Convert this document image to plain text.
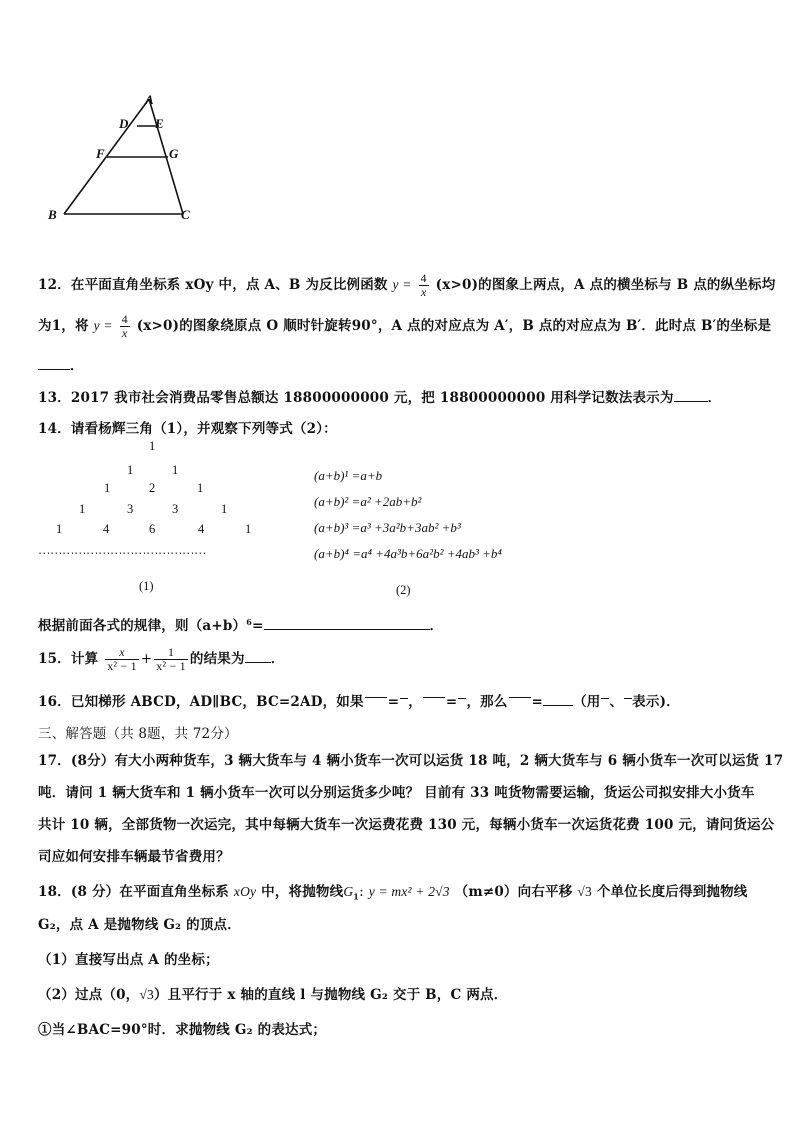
A
D E
F	G
B	C
12．在平面直角坐标系 xOy 中，点 A、B 为反比例函数 $y = \frac{4}{x} (x>0)$的图象上两点，A 点的横坐标与 B 点的纵坐标均
为1，将 $y = \frac{4}{x} (x>0)$的图象绕原点 O 顺时针旋转90°，A 点的对应点为 A′，B 点的对应点为 B′．此时点 B′的坐标是
．
13．2017 我市社会消费品零售总额达 18800000000 元，把 18800000000 用科学记数法表示为	．
14．请看杨辉三角（1），并观察下列等式（2）：
1
1	1
1	2	1
1	3	3	1
1	4	6	4	1
……………………………………
(1)
(a+b)¹ =a+b
(a+b)² =a² +2ab+b²
(a+b)³ =a³ +3a²b+3ab² +b³
(a+b)⁴ =a⁴ +4a³b+6a²b² +4ab³ +b⁴
(2)
根据前面各式的规律，则$(a+b)^6=$	．
15．计算 $\frac{x}{\text{x² − 1}} + \frac{1}{\text{x² − 1}}$ 的结果为 ．
16．已知梯形 ABCD，AD∥BC，BC=2AD，如果 = ， = ，那么 = （用 、 表示)．
三、解答题（共 8题，共 72分）
17．(8分）有大小两种货车，3 辆大货车与 4 辆小货车一次可以运货 18 吨，2 辆大货车与 6 辆小货车一次可以运货 17
吨．请问 1 辆大货车和 1 辆小货车一次可以分别运货多少吨？ 目前有 33 吨货物需要运输，货运公司拟安排大小货车
共计 10 辆，全部货物一次运完，其中每辆大货车一次运费花费 130 元，每辆小货车一次运货花费 100 元，请问货运公
司应如何安排车辆最节省费用？
18．(8 分）在平面直角坐标系 xOy 中，将抛物线$G_1$: y = mx² + 2√3 （m≠0）向右平移 √3 个单位长度后得到抛物线
G₂，点 A 是抛物线 G₂ 的顶点．
（1）直接写出点 A 的坐标；
（2）过点（0，√3）且平行于 x 轴的直线 l 与抛物线 G₂ 交于 B，C 两点．
①当∠BAC=90°时．求抛物线 G₂ 的表达式；
